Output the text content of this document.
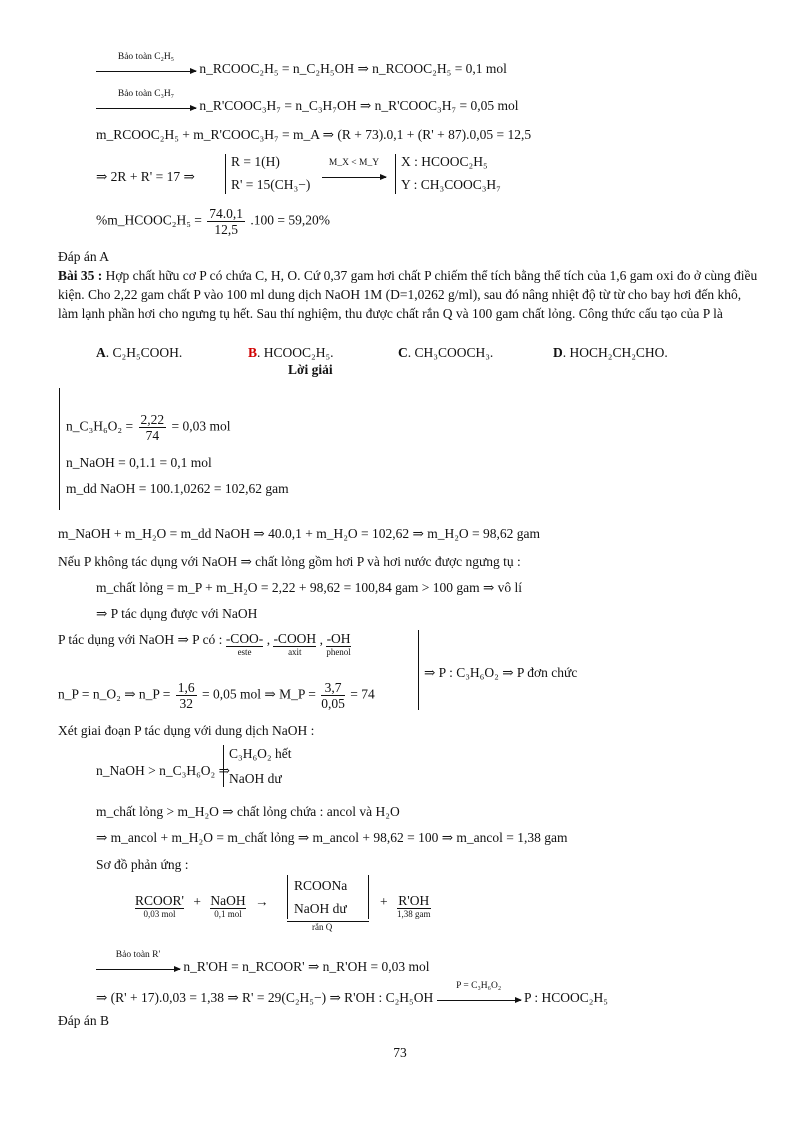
Bảo toàn C₂H₅
n_RCOOC₂H₅ = n_C₂H₅OH ⇒ n_RCOOC₂H₅ = 0,1 mol
Bảo toàn C₃H₇
n_R'COOC₃H₇ = n_C₃H₇OH ⇒ n_R'COOC₃H₇ = 0,05 mol
m_RCOOC₂H₅ + m_R'COOC₃H₇ = m_A ⇒ (R + 73).0,1 + (R' + 87).0,05 = 12,5
⇒ 2R + R' = 17 ⇒
R = 1(H)
R' = 15(CH₃−)
M_X < M_Y	X : HCOOC₂H₅
Y : CH₃COOC₃H₇
%m_HCOOC₂H₅ = $\frac{74.0,1}{12,5} .100 = 59,20\%$
Đáp án A
Bài 35 : Hợp chất hữu cơ P có chứa C, H, O. Cứ 0,37 gam hơi chất P chiếm thể tích bằng thể tích của 1,6 gam oxi đo ở cùng điều kiện. Cho 2,22 gam chất P vào 100 ml dung dịch NaOH 1M (D=1,0262 g/ml), sau đó nâng nhiệt độ từ từ cho bay hơi đến khô, làm lạnh phần hơi cho ngưng tụ hết. Sau thí nghiệm, thu được chất rắn Q và 100 gam chất lỏng. Công thức cấu tạo của P là
A. C₂H₅COOH.	B. HCOOC₂H₅.	C. CH₃COOCH₃.	D. HOCH₂CH₂CHO.
Lời giải
n_C₃H₆O₂ = $\frac{2,22}{74} = 0,03$ mol
n_NaOH = 0,1.1 = 0,1 mol
m_dd NaOH = 100.1,0262 = 102,62 gam
m_NaOH + m_H₂O = m_dd NaOH ⇒ 40.0,1 + m_H₂O = 102,62 ⇒ m_H₂O = 98,62 gam
Nếu P không tác dụng với NaOH ⇒ chất lỏng gồm hơi P và hơi nước được ngưng tụ :
m_chất lỏng = m_P + m_H₂O = 2,22 + 98,62 = 100,84 gam > 100 gam ⇒ vô lí
⇒ P tác dụng được với NaOH
P tác dụng với NaOH ⇒ P có : -COO-
este
, -COOH
axit
, -OH
phenol
n_P = n_O₂ ⇒ n_P = $\frac{1,6}{32} = 0,05$ mol ⇒ M_P = $\frac{3,7}{0,05} = 74$
⇒ P : C₃H₆O₂ ⇒ P đơn chức
Xét giai đoạn P tác dụng với dung dịch NaOH :
n_NaOH > n_C₃H₆O₂ ⇒
C₃H₆O₂ hết
NaOH dư
m_chất lỏng > m_H₂O ⇒ chất lỏng chứa : ancol và H₂O
⇒ m_ancol + m_H₂O = m_chất lỏng ⇒ m_ancol + 98,62 = 100 ⇒ m_ancol = 1,38 gam
Sơ đồ phản ứng :
RCOOR'
0,03 mol
+ NaOH
0,1 mol
→
RCOONa
NaOH dư
rắn Q
+ R'OH
1,38 gam
Bảo toàn R'
n_R'OH = n_RCOOR' ⇒ n_R'OH = 0,03 mol
⇒ (R' + 17).0,03 = 1,38 ⇒ R' = 29(C₂H₅−) ⇒ R'OH : C₂H₅OH
P = C₃H₆O₂
P : HCOOC₂H₅
Đáp án B
73
